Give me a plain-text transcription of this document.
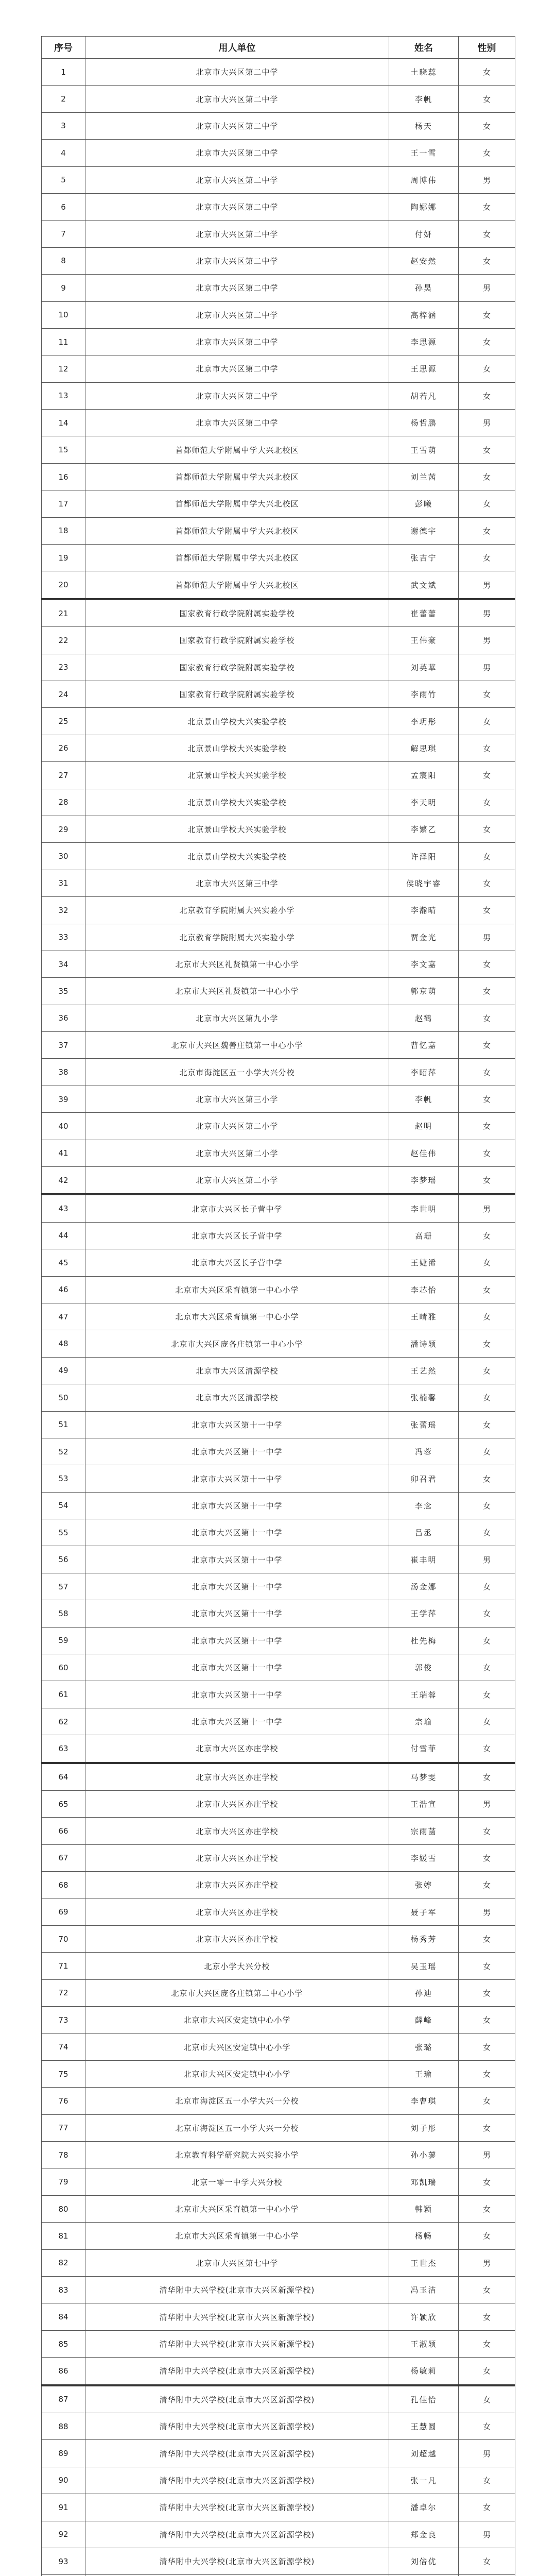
序号	用人单位	姓名	性别
1	北京市大兴区第二中学	土晓蕊	女
2	北京市大兴区第二中学	李帆	女
3	北京市大兴区第二中学	杨天	女
4	北京市大兴区第二中学	王一雪	女
5	北京市大兴区第二中学	周博伟	男
6	北京市大兴区第二中学	陶娜娜	女
7	北京市大兴区第二中学	付妍	女
8	北京市大兴区第二中学	赵安然	女
9	北京市大兴区第二中学	孙昊	男
10	北京市大兴区第二中学	高梓涵	女
11	北京市大兴区第二中学	李思源	女
12	北京市大兴区第二中学	王思源	女
13	北京市大兴区第二中学	胡若凡	女
14	北京市大兴区第二中学	杨哲鹏	男
15	首都师范大学附属中学大兴北校区	王雪萌	女
16	首都师范大学附属中学大兴北校区	刘兰茜	女
17	首都师范大学附属中学大兴北校区	彭曦	女
18	首都师范大学附属中学大兴北校区	谢德宇	女
19	首都师范大学附属中学大兴北校区	张吉宁	女
20	首都师范大学附属中学大兴北校区	武文斌	男
21	国家教育行政学院附属实验学校	崔蕾蕾	男
22	国家教育行政学院附属实验学校	王伟豪	男
23	国家教育行政学院附属实验学校	刘英華	男
24	国家教育行政学院附属实验学校	李雨竹	女
25	北京景山学校大兴实验学校	李玥彤	女
26	北京景山学校大兴实验学校	解思琪	女
27	北京景山学校大兴实验学校	孟宸阳	女
28	北京景山学校大兴实验学校	李天明	女
29	北京景山学校大兴实验学校	李繁乙	女
30	北京景山学校大兴实验学校	许泽阳	女
31	北京市大兴区第三中学	侯晓宇睿	女
32	北京教育学院附属大兴实验小学	李瀚晴	女
33	北京教育学院附属大兴实验小学	贾金光	男
34	北京市大兴区礼贤镇第一中心小学	李文嘉	女
35	北京市大兴区礼贤镇第一中心小学	郭京萌	女
36	北京市大兴区第九小学	赵鹤	女
37	北京市大兴区魏善庄镇第一中心小学	曹忆嘉	女
38	北京市海淀区五一小学大兴分校	李昭萍	女
39	北京市大兴区第三小学	李帆	女
40	北京市大兴区第二小学	赵明	女
41	北京市大兴区第二小学	赵佳伟	女
42	北京市大兴区第二小学	李梦瑶	女
43	北京市大兴区长子营中学	李世明	男
44	北京市大兴区长子营中学	高珊	女
45	北京市大兴区长子营中学	王婕浠	女
46	北京市大兴区采育镇第一中心小学	李芯怡	女
47	北京市大兴区采育镇第一中心小学	王晴雅	女
48	北京市大兴区庞各庄镇第一中心小学	潘诗颖	女
49	北京市大兴区清源学校	王艺然	女
50	北京市大兴区清源学校	张楠馨	女
51	北京市大兴区第十一中学	张蕾瑶	女
52	北京市大兴区第十一中学	冯蓉	女
53	北京市大兴区第十一中学	卯召君	女
54	北京市大兴区第十一中学	李念	女
55	北京市大兴区第十一中学	吕丞	女
56	北京市大兴区第十一中学	崔丰明	男
57	北京市大兴区第十一中学	汤金娜	女
58	北京市大兴区第十一中学	王学萍	女
59	北京市大兴区第十一中学	杜先梅	女
60	北京市大兴区第十一中学	郭俊	女
61	北京市大兴区第十一中学	王瑞蓉	女
62	北京市大兴区第十一中学	宗瑜	女
63	北京市大兴区亦庄学校	付雪菲	女
64	北京市大兴区亦庄学校	马梦雯	女
65	北京市大兴区亦庄学校	王浩宣	男
66	北京市大兴区亦庄学校	宗雨菡	女
67	北京市大兴区亦庄学校	李媛雪	女
68	北京市大兴区亦庄学校	张婷	女
69	北京市大兴区亦庄学校	聂子军	男
70	北京市大兴区亦庄学校	杨秀芳	女
71	北京小学大兴分校	吴玉瑶	女
72	北京市大兴区庞各庄镇第二中心小学	孙迪	女
73	北京市大兴区安定镇中心小学	薛峰	女
74	北京市大兴区安定镇中心小学	张璐	女
75	北京市大兴区安定镇中心小学	王瑜	女
76	北京市海淀区五一小学大兴一分校	李曹琪	女
77	北京市海淀区五一小学大兴一分校	刘子彤	女
78	北京教育科学研究院大兴实验小学	孙小蓼	男
79	北京一零一中学大兴分校	邓凯瑞	女
80	北京市大兴区采育镇第一中心小学	韩颖	女
81	北京市大兴区采育镇第一中心小学	杨畅	女
82	北京市大兴区第七中学	王世杰	男
83	清华附中大兴学校(北京市大兴区新源学校)	冯玉洁	女
84	清华附中大兴学校(北京市大兴区新源学校)	许颖欣	女
85	清华附中大兴学校(北京市大兴区新源学校)	王淑颖	女
86	清华附中大兴学校(北京市大兴区新源学校)	杨敏莉	女
87	清华附中大兴学校(北京市大兴区新源学校)	孔佳怡	女
88	清华附中大兴学校(北京市大兴区新源学校)	王慧圆	女
89	清华附中大兴学校(北京市大兴区新源学校)	刘超越	男
90	清华附中大兴学校(北京市大兴区新源学校)	张一凡	女
91	清华附中大兴学校(北京市大兴区新源学校)	潘卓尔	女
92	清华附中大兴学校(北京市大兴区新源学校)	郑金良	男
93	清华附中大兴学校(北京市大兴区新源学校)	刘倍优	女
